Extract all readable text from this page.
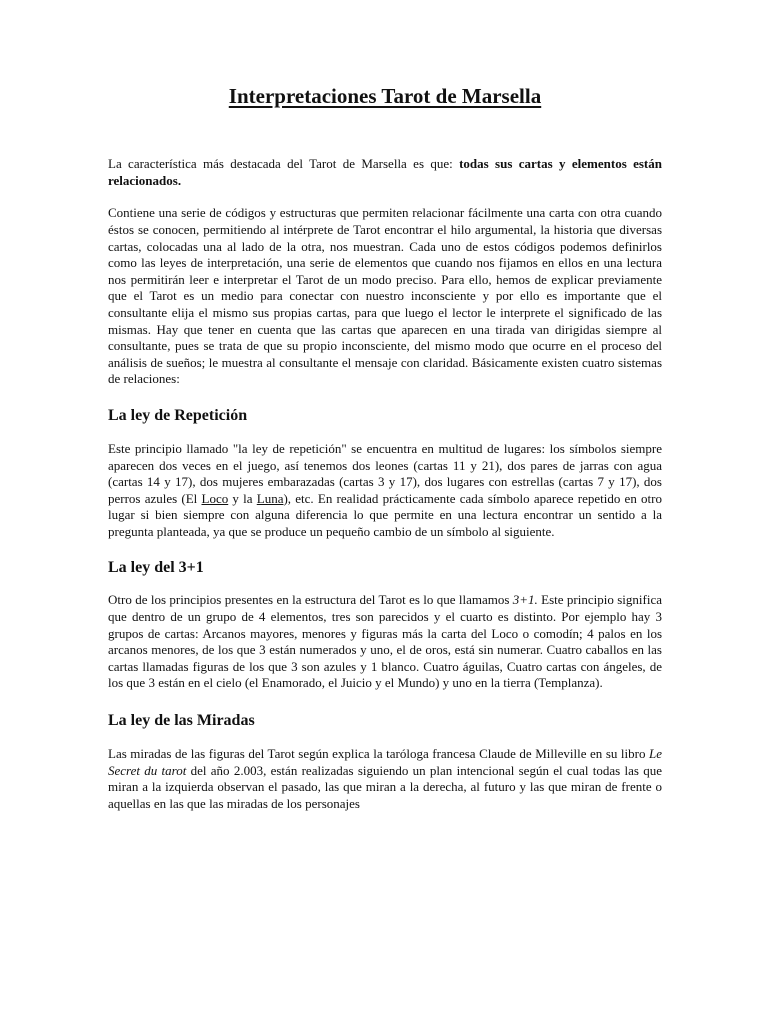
Interpretaciones Tarot de Marsella

La característica más destacada del Tarot de Marsella es que: todas sus cartas y elementos están relacionados.

Contiene una serie de códigos y estructuras que permiten relacionar fácilmente una carta con otra cuando éstos se conocen, permitiendo al intérprete de Tarot encontrar el hilo argumental, la historia que diversas cartas, colocadas una al lado de la otra, nos muestran. Cada uno de estos códigos podemos definirlos como las leyes de interpretación, una serie de elementos que cuando nos fijamos en ellos en una lectura nos permitirán leer e interpretar el Tarot de un modo preciso. Para ello, hemos de explicar previamente que el Tarot es un medio para conectar con nuestro inconsciente y por ello es importante que el consultante elija el mismo sus propias cartas, para que luego el lector le interprete el significado de las mismas. Hay que tener en cuenta que las cartas que aparecen en una tirada van dirigidas siempre al consultante, pues se trata de que su propio inconsciente, del mismo modo que ocurre en el proceso del análisis de sueños; le muestra al consultante el mensaje con claridad. Básicamente existen cuatro sistemas de relaciones:

La ley de Repetición

Este principio llamado "la ley de repetición" se encuentra en multitud de lugares: los símbolos siempre aparecen dos veces en el juego, así tenemos dos leones (cartas 11 y 21), dos pares de jarras con agua (cartas 14 y 17), dos mujeres embarazadas (cartas 3 y 17), dos lugares con estrellas (cartas 7 y 17), dos perros azules (El Loco y la Luna), etc. En realidad prácticamente cada símbolo aparece repetido en otro lugar si bien siempre con alguna diferencia lo que permite en una lectura encontrar un sentido a la pregunta planteada, ya que se produce un pequeño cambio de un símbolo al siguiente.

La ley del 3+1

Otro de los principios presentes en la estructura del Tarot es lo que llamamos 3+1. Este principio significa que dentro de un grupo de 4 elementos, tres son parecidos y el cuarto es distinto. Por ejemplo hay 3 grupos de cartas: Arcanos mayores, menores y figuras más la carta del Loco o comodín; 4 palos en los arcanos menores, de los que 3 están numerados y uno, el de oros, está sin numerar. Cuatro caballos en las cartas llamadas figuras de los que 3 son azules y 1 blanco. Cuatro águilas, Cuatro cartas con ángeles, de los que 3 están en el cielo (el Enamorado, el Juicio y el Mundo) y uno en la tierra (Templanza).

La ley de las Miradas

Las miradas de las figuras del Tarot según explica la taróloga francesa Claude de Milleville en su libro Le Secret du tarot del año 2.003, están realizadas siguiendo un plan intencional según el cual todas las que miran a la izquierda observan el pasado, las que miran a la derecha, al futuro y las que miran de frente o aquellas en las que las miradas de los personajes
